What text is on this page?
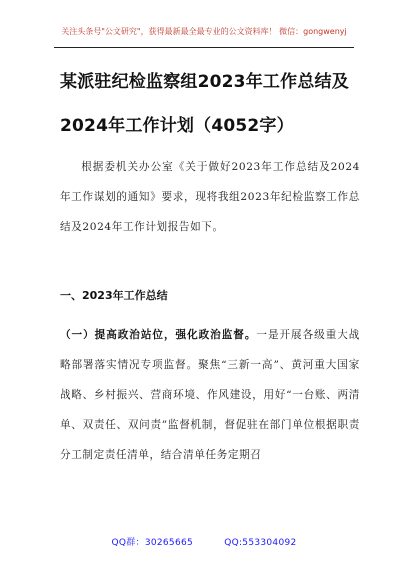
关注头条号"公文研究"，获得最新最全最专业的公文资料库！ 微信：gongwenyj
某派驻纪检监察组2023年工作总结及2024年工作计划（4052字）

根据委机关办公室《关于做好2023年工作总结及2024年工作谋划的通知》要求，现将我组2023年纪检监察工作总结及2024年工作计划报告如下。

一、2023年工作总结

（一）提高政治站位，强化政治监督。一是开展各级重大战略部署落实情况专项监督。聚焦“三新一高”、黄河重大国家战略、乡村振兴、营商环境、作风建设，用好“一台账、两清单、双责任、双问责”监督机制，督促驻在部门单位根据职责分工制定责任清单，结合清单任务定期召

QQ群：30265665	QQ:553304092
